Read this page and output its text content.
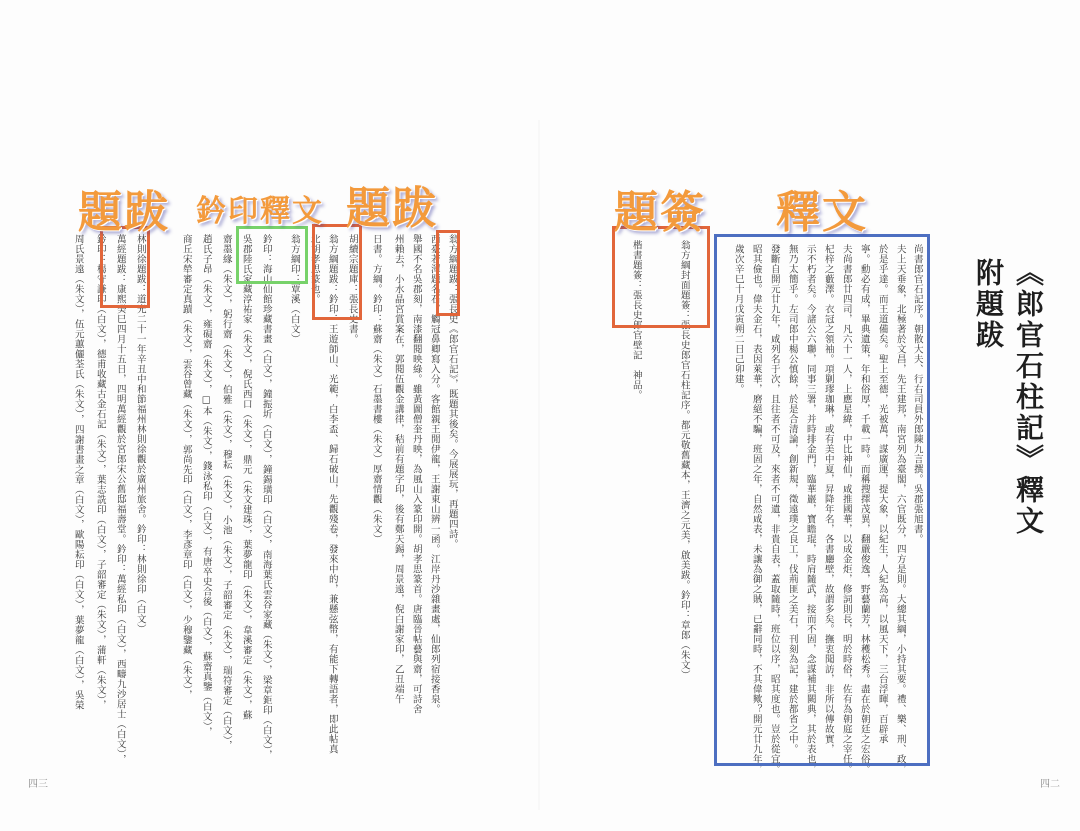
《郎官石柱記》釋文附題跋
尚書郎官石記序。朝散大夫、行右司員外郎陳九言撰。吳郡張旭書。
夫上天垂象，北極著於文昌，先王建邦，南宮列為臺閣，六官既分，四方是則。大總其綱，小持其要。禮、樂、刑、政，
於是乎達。而王道備矣。聖上至德，光被萬，謀廣運，提大象，以紀生，人紀為高，以風天下，三台浮暉，百辟承
寧。勳必有成，畢典遺策，年和俗厚，千載一時。而稱搜擇茂異，翻嚴俊逸，野藝蘭芳，林穫松秀。盡在於朝廷之宏俗。
夫尚書郎廿四司，凡六十一人，上應星緯，中比神仙，咸推國華，以成金炬，修詞則長，明於時俗，佐有為朝庭之宰任。
杞梓之藪澤。衣冠之領袖。項剿璆珈琳，或有美中夏，昇降年名，各書廳壁，故謂多矣。撫衷聞訪，非所以傳故實，
示不朽者矣。今諸公六聯，同事三署，并時排金門，臨華巖，寶瞻琨，時肩隨武，接而不固，念謀補其闕典，其於表也，
無乃太簡乎。左司郎中楊公慎餘，於是合清論，創新規，徵遠璞之良工，伐荊匪之美石，刊刻為記，建於都省之中。
發斷自開元廿九年，咸列名于次，且往者不可及，來者不可遺，非貴自表，蓋取隨時，班位以序，昭其度也。豈於從宜。
昭其儉也。偉夫金石，表因萊華，磨絕不騙，班固之年，自然咸表，未讓為御之賊，已辭同時，不其偉歟？開元廿九年，
歲次辛巳十月戊寅朔二日己卯建。
翁方綱封面題簽：張長史郎官石柱記序。都元敬舊藏本，王濟之元美，啟美跋。鈐印：章郎（朱文）
楷書題簽：張長史郎官壁記　神品。
四二
翁方綱題跋：張長史《郎官石記》，既題其後矣。今展展玩，再題四詩。
西臺若渾題名石，觸冠鼻卿寫入分。客館親王閒伊龍，王謝東山辨一函。江岸丹沙雜畫處，仙郎列宿接香泉。
舉國不名吳郡刻，南漆翻閱映綠。雖黃圖僧奎丹映，為風山入篆印開。胡孝思篆首。唐臨晉帖藝與齋，可詩舍
州賴去，小水晶宮賞案在，郭閱伍觀金講律，秸前有題字印，後有鄭天錫，周景遠，倪白謝家印，乙丑端午
日書。方綱。鈐印：蘇齋（朱文）石墨書樓（朱文）厚齋情觀（朱文）
胡續宗題庫：張長史書。
翁方綱題跋：鈐印：王遊師山、光範，白李盃、歸石破山，先觀殘卷，發來中的，兼懸弦幣，有能下轉語者，即此帖真
北胡孝思篆也。
翁方綱印：覃溪（白文）
鈐印：海山仙館珍藏書畫（白文），鐘振圻（白文），鐘錫璜印（白文），南海葉氏雲谷家藏（朱文），梁章鉅印（白文），
吳郡陸氏家藏淳祐家（朱文），倪氏西口（朱文），鼎元（朱文建珠），葉夢龍印（朱文），韋溪審定（朱文），蘇
齋墨緣（朱文），躬行齋（朱文），伯雅（朱文），穆耘（朱文），小池（朱文），子韶審定（朱文），瑞符審定（白文），
趙氏子昂（朱文），雍硯齋（朱文），□本（朱文），錢泳私印（白文），有唐卒史合後（白文），蘇齋真鑒（白文），
商丘宋犖審定真蹟（朱文），雲谷曾藏（朱文），郭尚先印（白文），李彥章印（白文），少穆鑒藏（朱文），
林則徐題跋：道光二十一年辛丑中和節福州林則徐觀於廣州旅舍。鈐印：林則徐印（白文）
萬經題跋：康熙癸巳四月十五日，四明萬經觀於宮郎宋公舊邸福壽堂。鈐印：萬經私印（白文），西疇九沙居士（白文），
鈐印：楊守謙印（白文），德甫收藏古金石記（朱文），葉志詵印（白文），子韶審定（朱文），蒲軒（朱文），
周氏景遠（朱文），伍元蕙儷荃氏（朱文），四謝書畫之章（白文），歐陽耘印（白文），葉夢龍（白文），吳榮
四三
題跋 鈐印釋文 題跋	題簽 釋文
